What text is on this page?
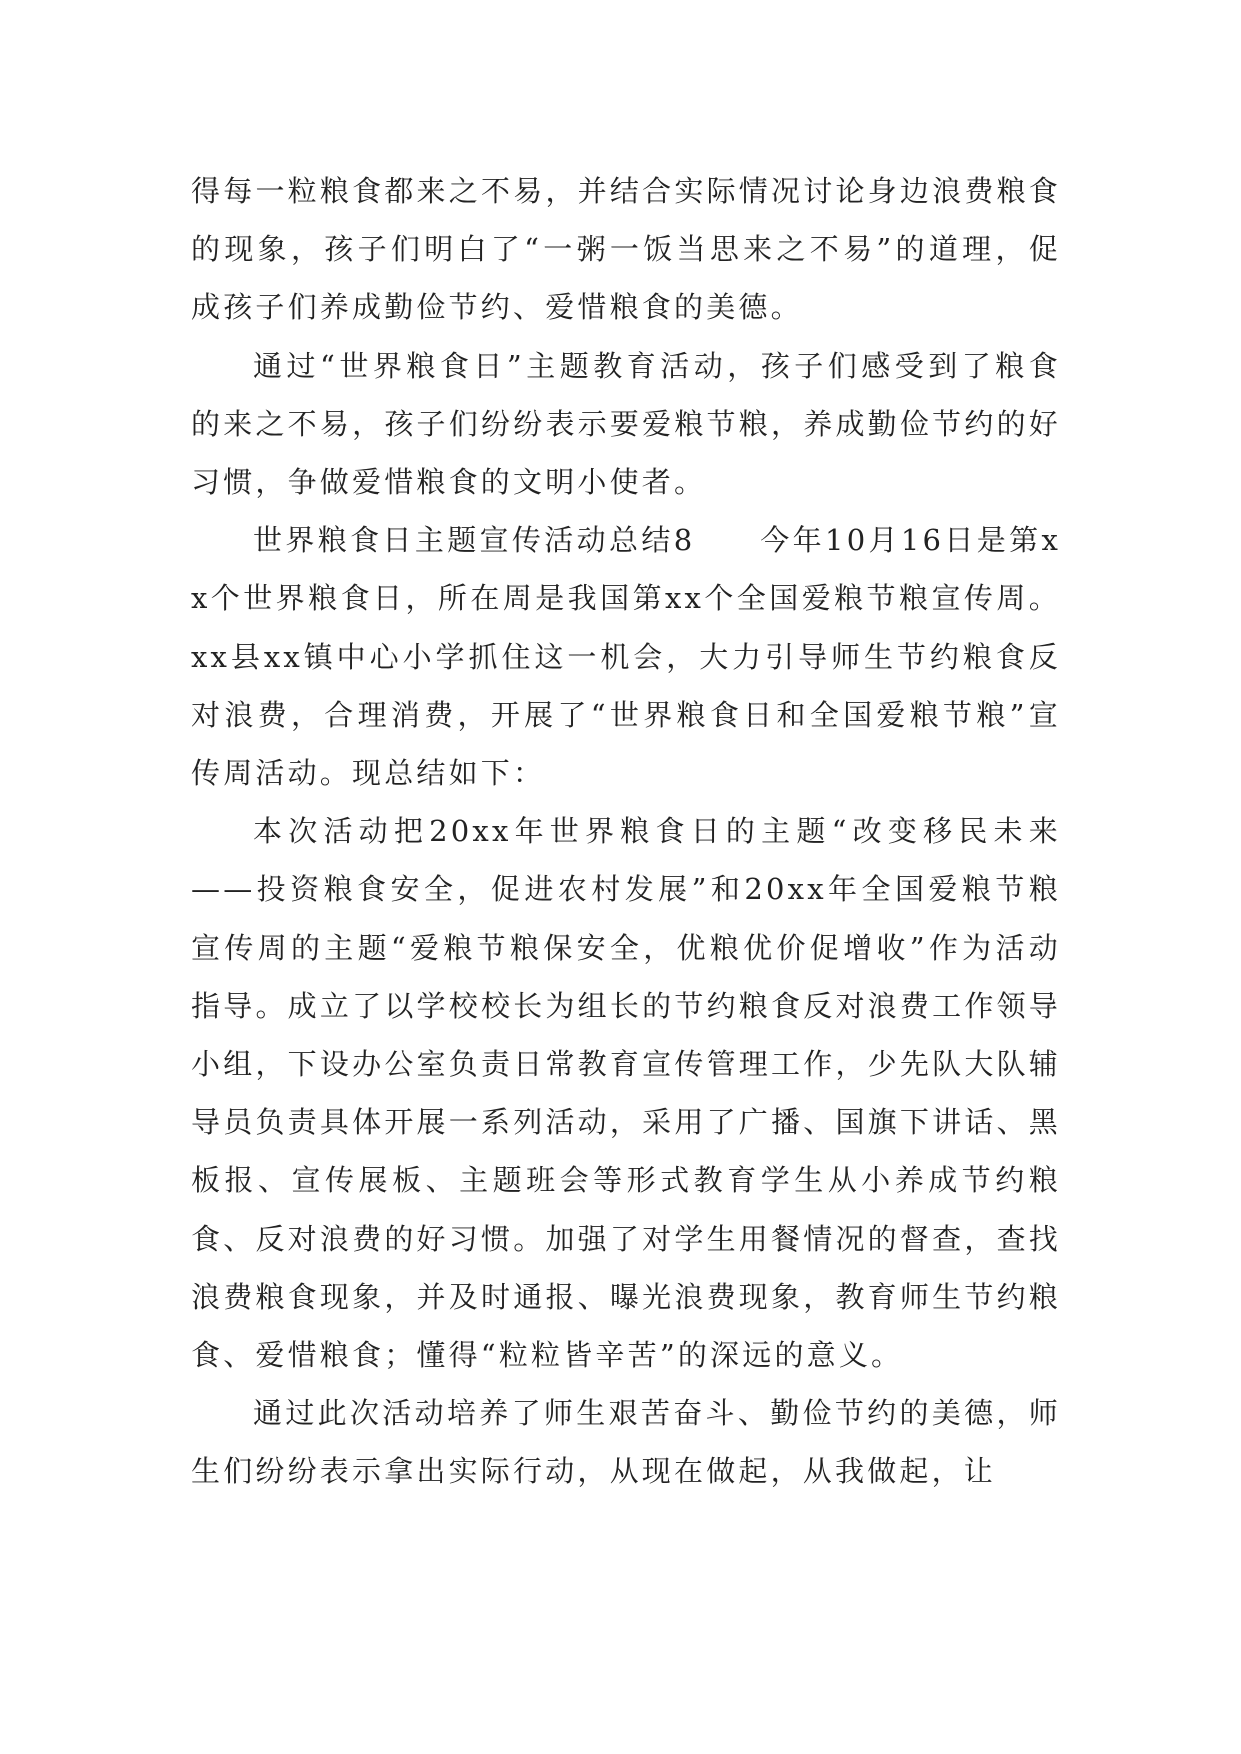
得每一粒粮食都来之不易，并结合实际情况讨论身边浪费粮食的现象，孩子们明白了“一粥一饭当思来之不易”的道理，促成孩子们养成勤俭节约、爱惜粮食的美德。

通过“世界粮食日”主题教育活动，孩子们感受到了粮食的来之不易，孩子们纷纷表示要爱粮节粮，养成勤俭节约的好习惯，争做爱惜粮食的文明小使者。

世界粮食日主题宣传活动总结8　　今年10月16日是第xx个世界粮食日，所在周是我国第xx个全国爱粮节粮宣传周。xx县xx镇中心小学抓住这一机会，大力引导师生节约粮食反对浪费，合理消费，开展了“世界粮食日和全国爱粮节粮”宣传周活动。现总结如下：

本次活动把20xx年世界粮食日的主题“改变移民未来——投资粮食安全，促进农村发展”和20xx年全国爱粮节粮宣传周的主题“爱粮节粮保安全，优粮优价促增收”作为活动指导。成立了以学校校长为组长的节约粮食反对浪费工作领导小组，下设办公室负责日常教育宣传管理工作，少先队大队辅导员负责具体开展一系列活动，采用了广播、国旗下讲话、黑板报、宣传展板、主题班会等形式教育学生从小养成节约粮食、反对浪费的好习惯。加强了对学生用餐情况的督查，查找浪费粮食现象，并及时通报、曝光浪费现象，教育师生节约粮食、爱惜粮食；懂得“粒粒皆辛苦”的深远的意义。

通过此次活动培养了师生艰苦奋斗、勤俭节约的美德，师生们纷纷表示拿出实际行动，从现在做起，从我做起，让
